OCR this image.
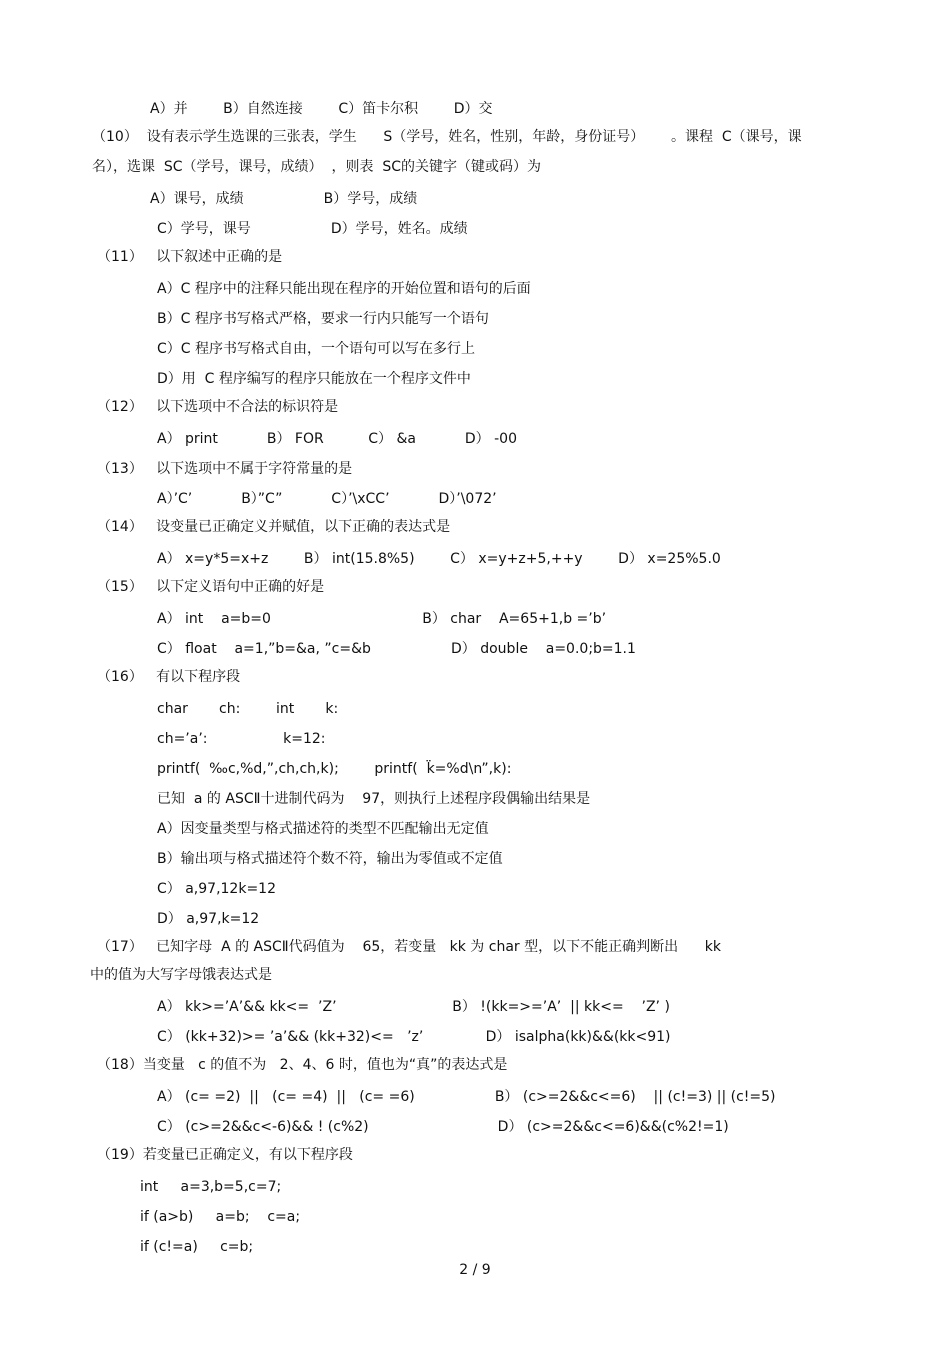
A）并        B）自然连接        C）笛卡尔积        D）交
（10）  设有表示学生选课的三张表，学生      S（学号，姓名，性别，年龄，身份证号）      。课程  C（课号，课
名），选课  SC（学号，课号，成绩）  ，则表  SC的关键字（键或码）为
A）课号，成绩                  B）学号，成绩
C）学号，课号                  D）学号，姓名。成绩
（11）   以下叙述中正确的是
A）C 程序中的注释只能出现在程序的开始位置和语句的后面
B）C 程序书写格式严格，要求一行内只能写一个语句
C）C 程序书写格式自由，一个语句可以写在多行上
D）用  C 程序编写的程序只能放在一个程序文件中
（12）   以下选项中不合法的标识符是
A） print           B） FOR          C） &a           D） -00
（13）   以下选项中不属于字符常量的是
A）’C’           B）”C”           C）’\xCC’           D）’\072’
（14）   设变量已正确定义并赋值，以下正确的表达式是
A） x=y*5=x+z        B） int(15.8%5)        C） x=y+z+5,++y        D） x=25%5.0
（15）   以下定义语句中正确的好是
A） int    a=b=0                                  B） char    A=65+1,b =’b’
C） float    a=1,”b=&a, ”c=&b                  D） double    a=0.0;b=1.1
（16）   有以下程序段
char       ch:        int       k:
ch=’a’:                 k=12:
printf(  ‰c,%d,”,ch,ch,k);        printf(  k̈=%d\n”,k):
已知  a 的 ASCⅡ十进制代码为    97，则执行上述程序段偶输出结果是
A）因变量类型与格式描述符的类型不匹配输出无定值
B）输出项与格式描述符个数不符，输出为零值或不定值
C） a,97,12k=12
D） a,97,k=12
（17）   已知字母  A 的 ASCⅡ代码值为    65，若变量   kk 为 char 型，以下不能正确判断出      kk
中的值为大写字母饿表达式是
A） kk>=’A’&& kk<=  ’Z’                          B） !(kk=>=’A’  || kk<=    ’Z’ )
C） (kk+32)>= ’a’&& (kk+32)<=   ’z’              D） isalpha(kk)&&(kk<91)
（18）当变量   c 的值不为   2、4、6 时，值也为“真”的表达式是
A） (c= =2)  ||   (c= =4)  ||   (c= =6)                  B） (c>=2&&c<=6)    || (c!=3) || (c!=5)
C） (c>=2&&c<-6)&& ! (c%2)                             D） (c>=2&&c<=6)&&(c%2!=1)
（19）若变量已正确定义，有以下程序段
int     a=3,b=5,c=7;
if (a>b)     a=b;    c=a;
if (c!=a)     c=b;
2 / 9
